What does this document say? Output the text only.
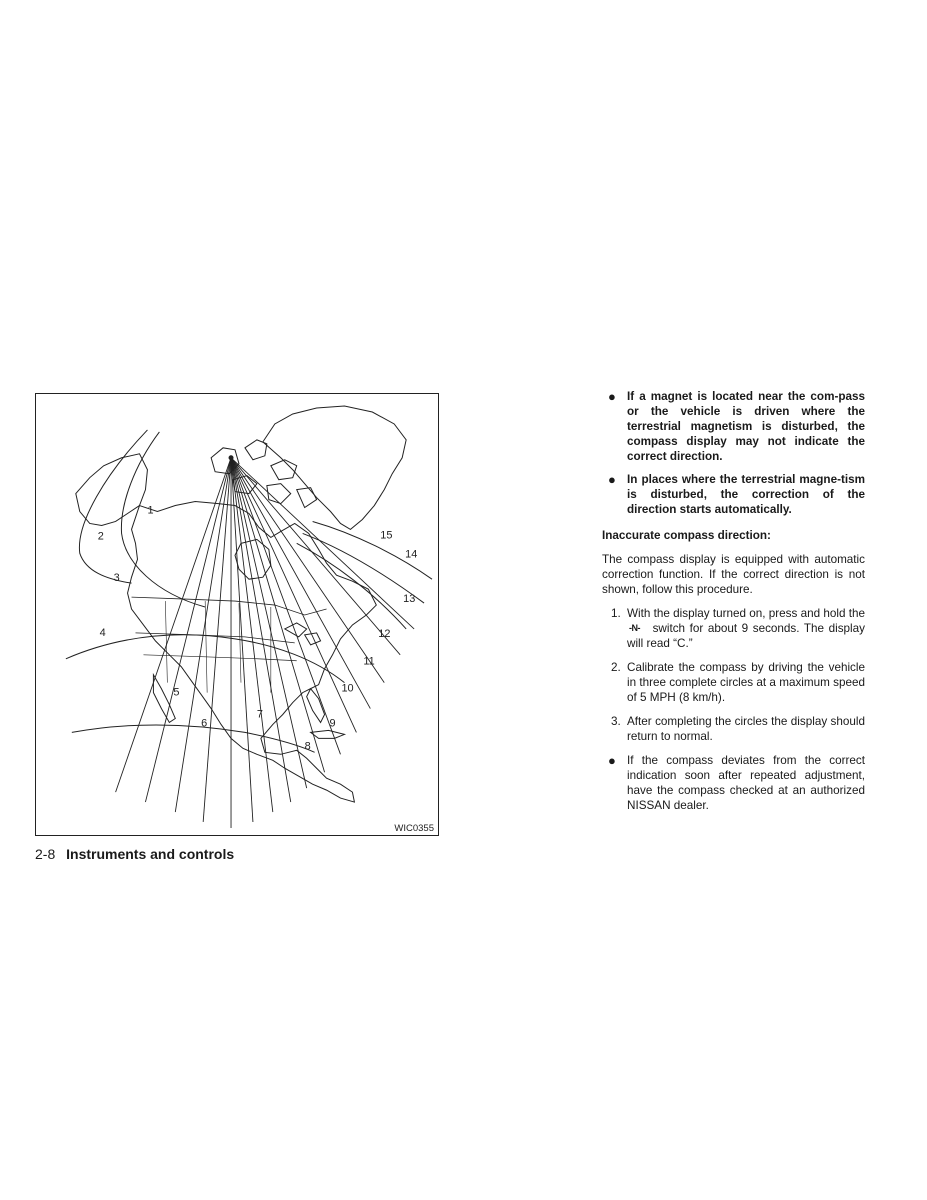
1
2
3
4
5
6
7
8
9
10
11
12
13
14
15
WIC0355
2-8 Instruments and controls
● If a magnet is located near the com-pass or the vehicle is driven where the terrestrial magnetism is disturbed, the compass display may not indicate the correct direction.
● In places where the terrestrial magne-tism is disturbed, the correction of the direction starts automatically.
Inaccurate compass direction:
The compass display is equipped with automatic correction function. If the correct direction is not shown, follow this procedure.
1. With the display turned on, press and hold the -N- switch for about 9 seconds. The display will read “C.”
2. Calibrate the compass by driving the vehicle in three complete circles at a maximum speed of 5 MPH (8 km/h).
3. After completing the circles the display should return to normal.
● If the compass deviates from the correct indication soon after repeated adjustment, have the compass checked at an authorized NISSAN dealer.
